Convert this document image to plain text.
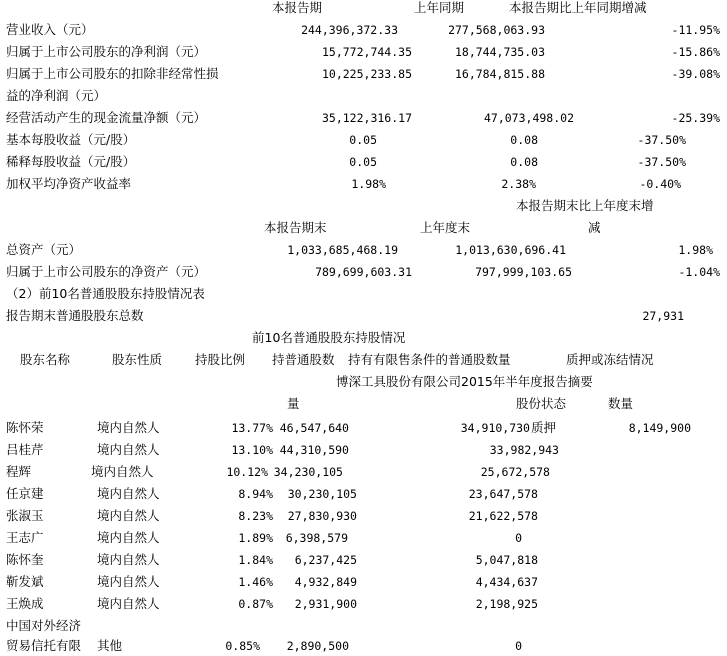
本报告期	上年同期	本报告期比上年同期增减
营业收入（元）	244,396,372.33	277,568,063.93	-11.95%
归属于上市公司股东的净利润（元）	15,772,744.35	18,744,735.03	-15.86%
归属于上市公司股东的扣除非经常性损
益的净利润（元）
10,225,233.85	16,784,815.88	-39.08%
经营活动产生的现金流量净额（元）	35,122,316.17	47,073,498.02	-25.39%
基本每股收益（元/股）	0.05	0.08	-37.50%
稀释每股收益（元/股）	0.05	0.08	-37.50%
加权平均净资产收益率	1.98%	2.38%	-0.40%
本报告期末比上年度末增
本报告期末	上年度末	减
总资产（元）	1,033,685,468.19	1,013,630,696.41	1.98%
归属于上市公司股东的净资产（元）	789,699,603.31	797,999,103.65	-1.04%
（2）前10名普通股股东持股情况表
报告期末普通股股东总数	27,931
前10名普通股股东持股情况
股东名称	股东性质	持股比例 持普通股数 持有有限售条件的普通股数量	质押或冻结情况
博深工具股份有限公司2015年半年度报告摘要
量	股份状态	数量
陈怀荣	境内自然人	13.77% 46,547,640	34,910,730 质押	8,149,900
吕桂芹	境内自然人	13.10% 44,310,590	33,982,943
程辉	境内自然人	10.12% 34,230,105	25,672,578
任京建	境内自然人	8.94%	30,230,105	23,647,578
张淑玉	境内自然人	8.23%	27,830,930	21,622,578
王志广	境内自然人	1.89%	6,398,579	0
陈怀奎	境内自然人	1.84%	6,237,425	5,047,818
靳发斌	境内自然人	1.46%	4,932,849	4,434,637
王焕成	境内自然人	0.87%	2,931,900	2,198,925
中国对外经济
贸易信托有限 其他	0.85%	2,890,500	0
